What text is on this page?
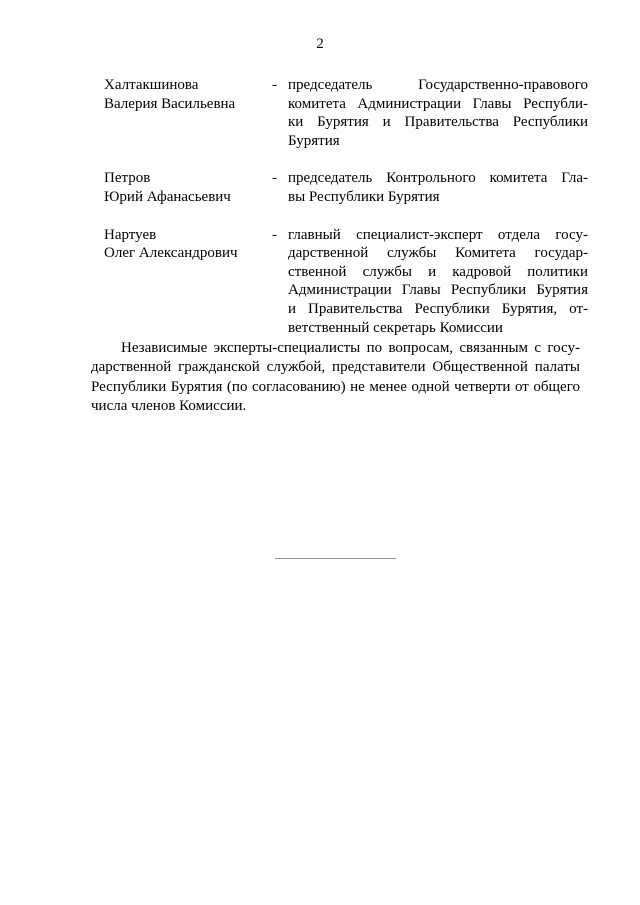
2
Халтакшинова
Валерия Васильевна
- председатель Государственно-правового
комитета Администрации Главы Республи-
ки Бурятия и Правительства Республики
Бурятия
Петров
Юрий Афанасьевич
- председатель Контрольного комитета Гла-
вы Республики Бурятия
Нартуев
Олег Александрович
- главный специалист-эксперт отдела госу-
дарственной службы Комитета государ-
ственной службы и кадровой политики
Администрации Главы Республики Бурятия
и Правительства Республики Бурятия, от-
ветственный секретарь Комиссии
Независимые эксперты-специалисты по вопросам, связанным с госу-
дарственной гражданской службой, представители Общественной палаты
Республики Бурятия (по согласованию) не менее одной четверти от общего
числа членов Комиссии.
